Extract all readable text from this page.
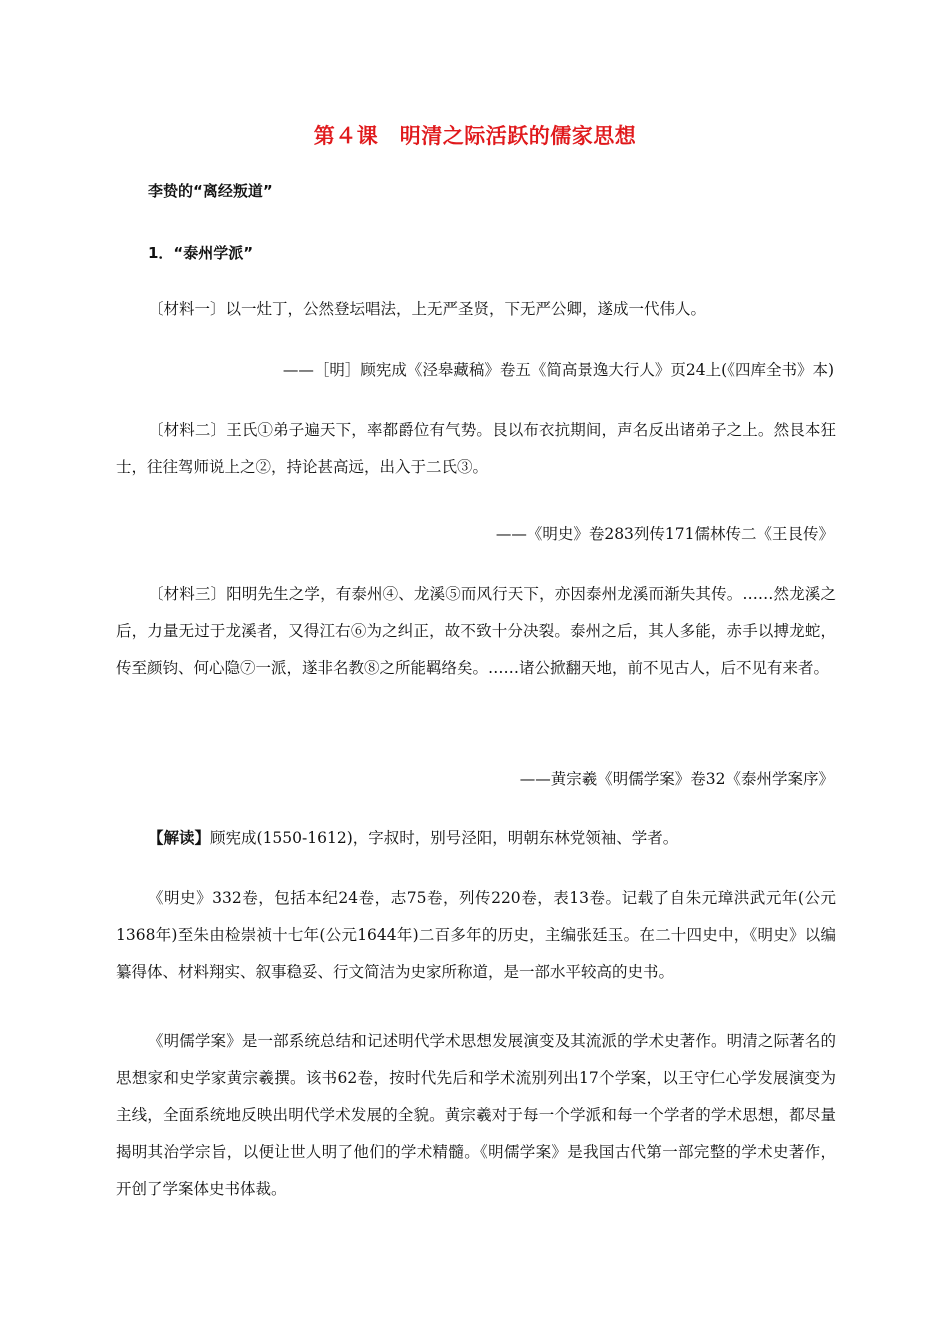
第４课　明清之际活跃的儒家思想
李贽的“离经叛道”
1．“泰州学派”
〔材料一〕以一灶丁，公然登坛唱法，上无严圣贤，下无严公卿，遂成一代伟人。
——［明］顾宪成《泾皋藏稿》卷五《简高景逸大行人》页24上(《四库全书》本)
〔材料二〕王氏①弟子遍天下，率都爵位有气势。艮以布衣抗期间，声名反出诸弟子之上。然艮本狂士，往往驾师说上之②，持论甚高远，出入于二氏③。
——《明史》卷283列传171儒林传二《王艮传》
〔材料三〕阳明先生之学，有泰州④、龙溪⑤而风行天下，亦因泰州龙溪而渐失其传。……然龙溪之后，力量无过于龙溪者，又得江右⑥为之纠正，故不致十分决裂。泰州之后，其人多能，赤手以搏龙蛇，传至颜钧、何心隐⑦一派，遂非名教⑧之所能羁络矣。……诸公掀翻天地，前不见古人，后不见有来者。
——黄宗羲《明儒学案》卷32《泰州学案序》
【解读】顾宪成(1550-1612)，字叔时，别号泾阳，明朝东林党领袖、学者。
《明史》332卷，包括本纪24卷，志75卷，列传220卷，表13卷。记载了自朱元璋洪武元年(公元1368年)至朱由检崇祯十七年(公元1644年)二百多年的历史，主编张廷玉。在二十四史中，《明史》以编纂得体、材料翔实、叙事稳妥、行文简洁为史家所称道，是一部水平较高的史书。
《明儒学案》是一部系统总结和记述明代学术思想发展演变及其流派的学术史著作。明清之际著名的思想家和史学家黄宗羲撰。该书62卷，按时代先后和学术流别列出17个学案，以王守仁心学发展演变为主线，全面系统地反映出明代学术发展的全貌。黄宗羲对于每一个学派和每一个学者的学术思想，都尽量揭明其治学宗旨，以便让世人明了他们的学术精髓。《明儒学案》是我国古代第一部完整的学术史著作，开创了学案体史书体裁。
